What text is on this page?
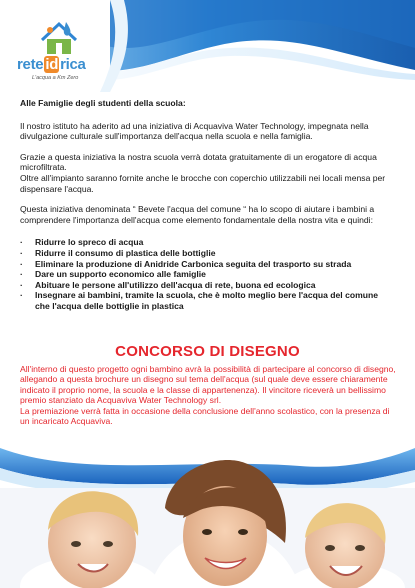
rete id rica
L'acqua a Km Zero

Alle Famiglie degli studenti della scuola:

Il nostro istituto ha aderito ad una iniziativa di Acquaviva Water Technology, impegnata nella divulgazione culturale sull'importanza dell'acqua nella scuola e nella famiglia.

Grazie a questa iniziativa la nostra scuola verrà dotata gratuitamente di un erogatore di acqua microfiltrata.

Oltre all'impianto saranno fornite anche le brocche con coperchio utilizzabili nei locali mensa per dispensare l'acqua.

Questa iniziativa denominata “ Bevete l'acqua del comune “ ha lo scopo di aiutare i bambini a comprendere l'importanza dell'acqua come elemento fondamentale della nostra vita e quindi:

· Ridurre lo spreco di acqua
· Ridurre il consumo di plastica delle bottiglie
· Eliminare la produzione di Anidride Carbonica seguita del trasporto su strada
· Dare un supporto economico alle famiglie
· Abituare le persone all'utilizzo dell'acqua di rete, buona ed ecologica
· Insegnare ai bambini, tramite la scuola, che è molto meglio bere l'acqua del comune che l'acqua delle bottiglie in plastica
CONCORSO DI DISEGNO

All'interno di questo progetto ogni bambino avrà la possibilità di partecipare al concorso di disegno, allegando a questa brochure un disegno sul tema dell'acqua (sul quale deve essere chiaramente indicato il proprio nome, la scuola e la classe di appartenenza). Il vincitore riceverà un bellissimo premio stanziato da Acquaviva Water Technology srl.

La premiazione verrà fatta in occasione della conclusione dell'anno scolastico, con la presenza di un incaricato Acquaviva.
